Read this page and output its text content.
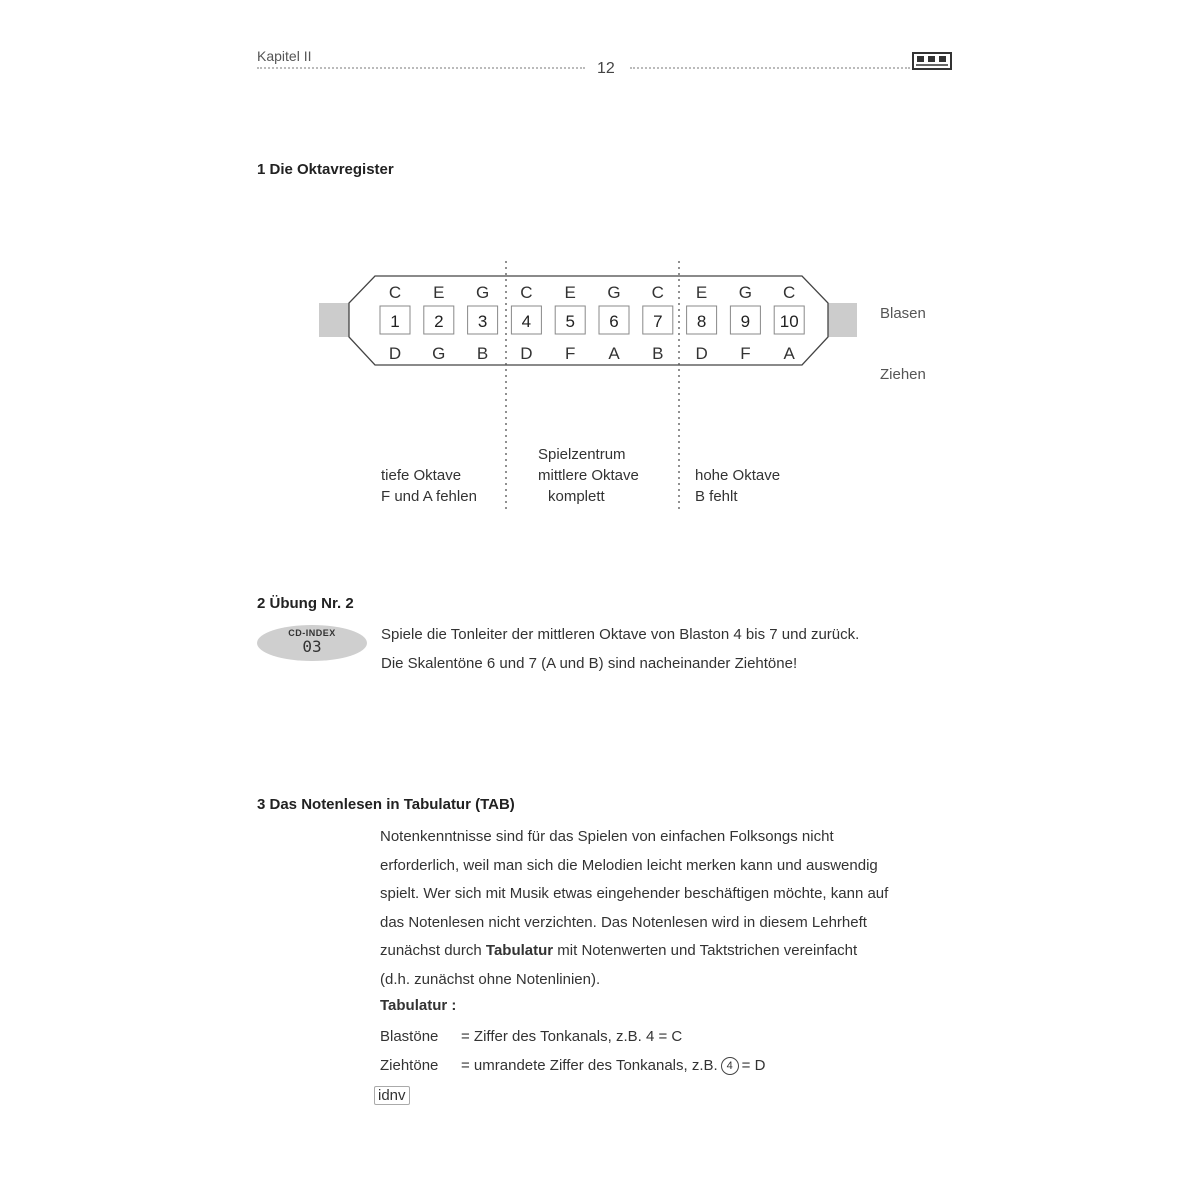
Kapitel II
12
1 Die Oktavregister
C E G C E G C E G C
1 2 3 4 5 6 7 8 9 10
D G B D F A B D F A
Blasen
Ziehen
tiefe Oktave
F und A fehlen
Spielzentrum
mittlere Oktave
komplett
hohe Oktave
B fehlt
2 Übung Nr. 2
CD-INDEX
03
Spiele die Tonleiter der mittleren Oktave von Blaston 4 bis 7 und zurück.
Die Skalentöne 6 und 7 (A und B) sind nacheinander Ziehtöne!
3 Das Notenlesen in Tabulatur (TAB)

Notenkenntnisse sind für das Spielen von einfachen Folksongs nicht

erforderlich, weil man sich die Melodien leicht merken kann und auswendig

spielt. Wer sich mit Musik etwas eingehender beschäftigen möchte, kann auf

das Notenlesen nicht verzichten. Das Notenlesen wird in diesem Lehrheft

zunächst durch Tabulatur mit Notenwerten und Taktstrichen vereinfacht

(d.h. zunächst ohne Notenlinien).

Tabulatur :
Blastöne = Ziffer des Tonkanals, z.B. 4 = C
Ziehtöne = umrandete Ziffer des Tonkanals, z.B. 4 = D
idnv
